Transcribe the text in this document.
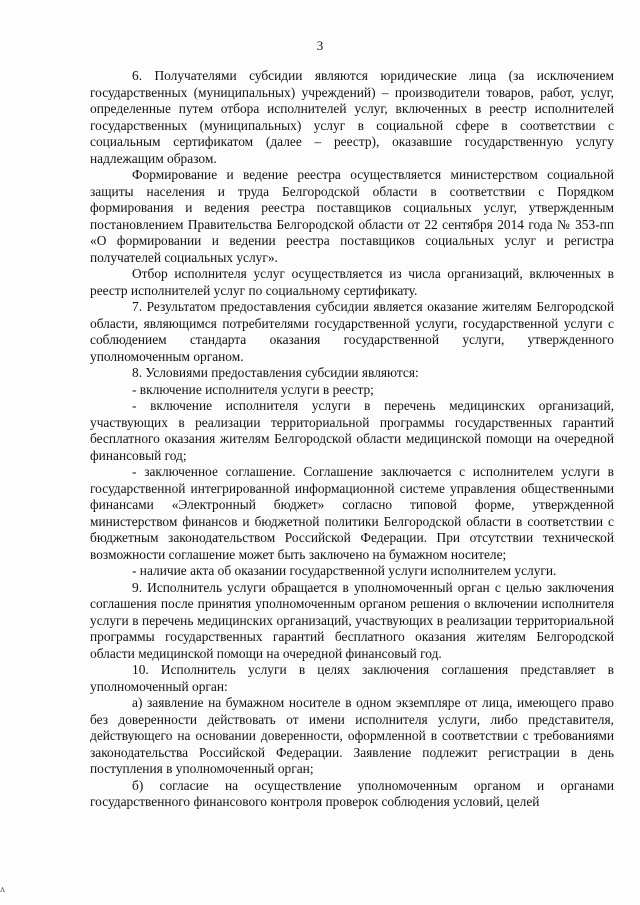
3

6. Получателями субсидии являются юридические лица (за исключением государственных (муниципальных) учреждений) – производители товаров, работ, услуг, определенные путем отбора исполнителей услуг, включенных в реестр исполнителей государственных (муниципальных) услуг в социальной сфере в соответствии с социальным сертификатом (далее – реестр), оказавшие государственную услугу надлежащим образом.

Формирование и ведение реестра осуществляется министерством социальной защиты населения и труда Белгородской области в соответствии с Порядком формирования и ведения реестра поставщиков социальных услуг, утвержденным постановлением Правительства Белгородской области от 22 сентября 2014 года № 353-пп «О формировании и ведении реестра поставщиков социальных услуг и регистра получателей социальных услуг».

Отбор исполнителя услуг осуществляется из числа организаций, включенных в реестр исполнителей услуг по социальному сертификату.

7. Результатом предоставления субсидии является оказание жителям Белгородской области, являющимся потребителями государственной услуги, государственной услуги с соблюдением стандарта оказания государственной услуги, утвержденного уполномоченным органом.

8. Условиями предоставления субсидии являются:

- включение исполнителя услуги в реестр;

- включение исполнителя услуги в перечень медицинских организаций, участвующих в реализации территориальной программы государственных гарантий бесплатного оказания жителям Белгородской области медицинской помощи на очередной финансовый год;

- заключенное соглашение. Соглашение заключается с исполнителем услуги в государственной интегрированной информационной системе управления общественными финансами «Электронный бюджет» согласно типовой форме, утвержденной министерством финансов и бюджетной политики Белгородской области в соответствии с бюджетным законодательством Российской Федерации. При отсутствии технической возможности соглашение может быть заключено на бумажном носителе;

- наличие акта об оказании государственной услуги исполнителем услуги.

9. Исполнитель услуги обращается в уполномоченный орган с целью заключения соглашения после принятия уполномоченным органом решения о включении исполнителя услуги в перечень медицинских организаций, участвующих в реализации территориальной программы государственных гарантий бесплатного оказания жителям Белгородской области медицинской помощи на очередной финансовый год.

10. Исполнитель услуги в целях заключения соглашения представляет в уполномоченный орган:

а) заявление на бумажном носителе в одном экземпляре от лица, имеющего право без доверенности действовать от имени исполнителя услуги, либо представителя, действующего на основании доверенности, оформленной в соответствии с требованиями законодательства Российской Федерации. Заявление подлежит регистрации в день поступления в уполномоченный орган;

б) согласие на осуществление уполномоченным органом и органами государственного финансового контроля проверок соблюдения условий, целей

ʌ
